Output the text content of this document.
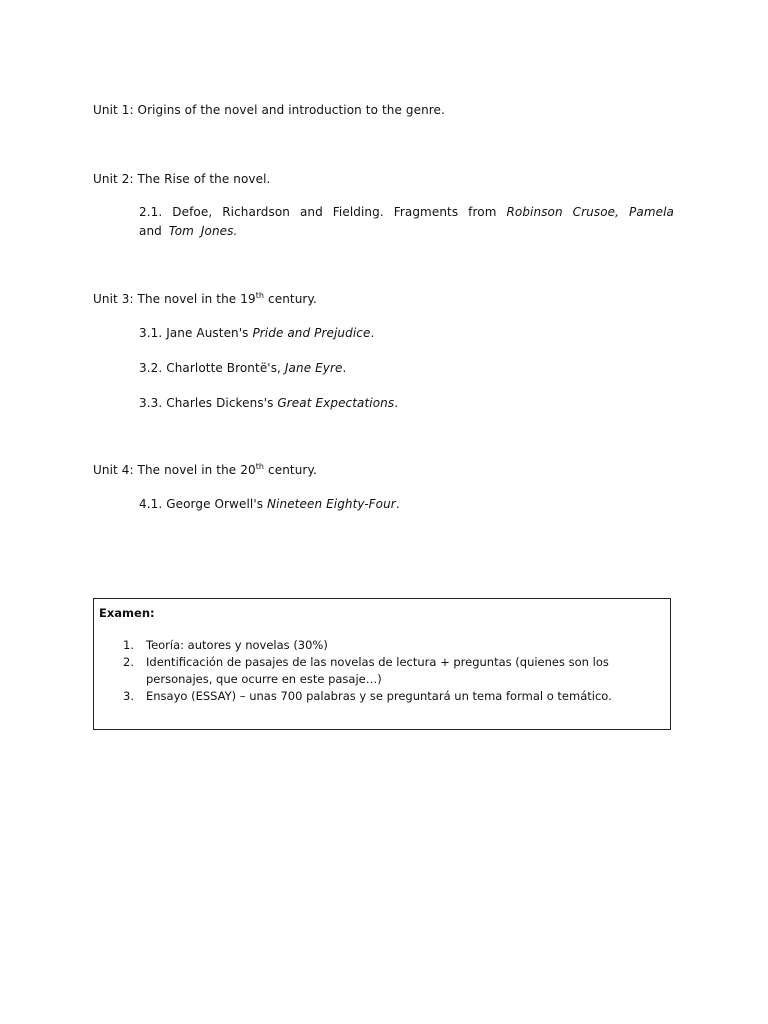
Unit 1: Origins of the novel and introduction to the genre.
Unit 2: The Rise of the novel.
2.1. Defoe, Richardson and Fielding. Fragments from Robinson Crusoe, Pamela and Tom Jones.
Unit 3: The novel in the 19th century.
3.1. Jane Austen's Pride and Prejudice.
3.2. Charlotte Brontë's, Jane Eyre.
3.3. Charles Dickens's Great Expectations.
Unit 4: The novel in the 20th century.
4.1. George Orwell's Nineteen Eighty-Four.
Examen:
1. Teoría: autores y novelas (30%)
2. Identificación de pasajes de las novelas de lectura + preguntas (quienes son los personajes, que ocurre en este pasaje…)
3. Ensayo (ESSAY) – unas 700 palabras y se preguntará un tema formal o temático.
